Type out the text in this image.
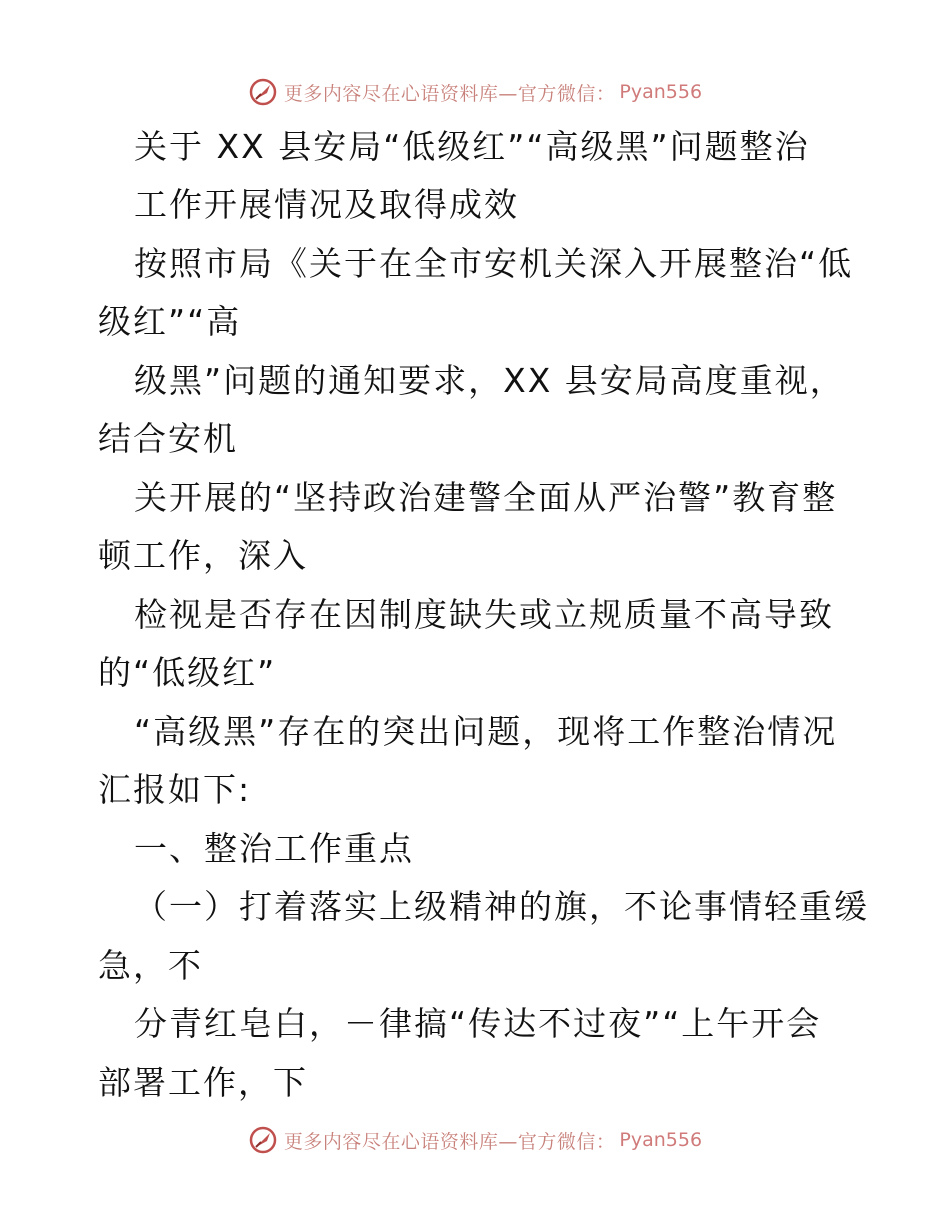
更多内容尽在心语资料库—官方微信： Pyan556
关于 XX 县安局“低级红”“高级黑”问题整治
工作开展情况及取得成效
按照市局《关于在全市安机关深入开展整治“低
级红”“高
级黑”问题的通知要求，XX 县安局高度重视，
结合安机
关开展的“坚持政治建警全面从严治警”教育整
顿工作，深入
检视是否存在因制度缺失或立规质量不高导致
的“低级红”
“高级黑”存在的突出问题，现将工作整治情况
汇报如下:
一、整治工作重点
（一）打着落实上级精神的旗，不论事情轻重缓
急，不
分青红皂白，－律搞“传达不过夜”“上午开会
部署工作，下
更多内容尽在心语资料库—官方微信： Pyan556
